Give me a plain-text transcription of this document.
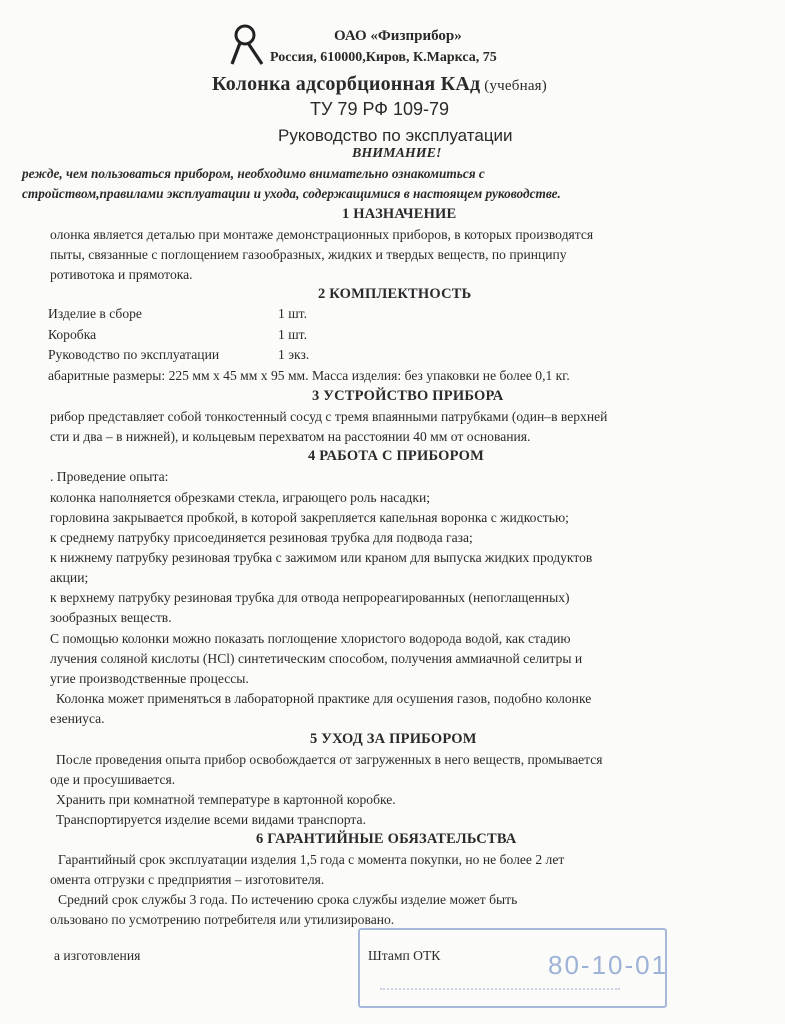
ОАО «Физприбор»
Россия, 610000,Киров, К.Маркса, 75
Колонка адсорбционная КАд (учебная)
ТУ 79 РФ 109-79
Руководство по эксплуатации
ВНИМАНИЕ!
режде, чем пользоваться прибором, необходимо внимательно ознакомиться с
стройством,правилами эксплуатации и ухода, содержащимися в настоящем руководстве.
1 НАЗНАЧЕНИЕ
олонка является деталью при монтаже демонстрационных приборов, в которых производятся
пыты, связанные с поглощением газообразных, жидких и твердых веществ, по принципу
ротивотока и прямотока.
2 КОМПЛЕКТНОСТЬ
Изделие в сборе	1 шт.
Коробка	1 шт.
Руководство по эксплуатации	1 экз.
абаритные размеры: 225 мм x 45 мм x 95 мм. Масса изделия: без упаковки не более 0,1 кг.
3 УСТРОЙСТВО ПРИБОРА
рибор представляет собой тонкостенный сосуд с тремя впаянными патрубками (один–в верхней
сти и два – в нижней), и кольцевым перехватом на расстоянии 40 мм от основания.
4 РАБОТА С ПРИБОРОМ
. Проведение опыта:
колонка наполняется обрезками стекла, играющего роль насадки;
горловина закрывается пробкой, в которой закрепляется капельная воронка с жидкостью;
к среднему патрубку присоединяется резиновая трубка для подвода газа;
к нижнему патрубку резиновая трубка с зажимом или краном для выпуска жидких продуктов
акции;
к верхнему патрубку резиновая трубка для отвода непрореагированных (непоглащенных)
зообразных веществ.
С помощью колонки можно показать поглощение хлористого водорода водой, как стадию
лучения соляной кислоты (HCl) синтетическим способом, получения аммиачной селитры и
угие производственные процессы.
Колонка может применяться в лабораторной практике для осушения газов, подобно колонке
езениуса.
5 УХОД ЗА ПРИБОРОМ
После проведения опыта прибор освобождается от загруженных в него веществ, промывается
оде и просушивается.
Хранить при комнатной температуре в картонной коробке.
Транспортируется изделие всеми видами транспорта.
6 ГАРАНТИЙНЫЕ ОБЯЗАТЕЛЬСТВА
Гарантийный срок эксплуатации изделия 1,5 года с момента покупки, но не более 2 лет
омента отгрузки с предприятия – изготовителя.
Средний срок службы 3 года. По истечению срока службы изделие может быть
ользовано по усмотрению потребителя или утилизировано.
а изготовления	80-10-01
Штамп ОТК
